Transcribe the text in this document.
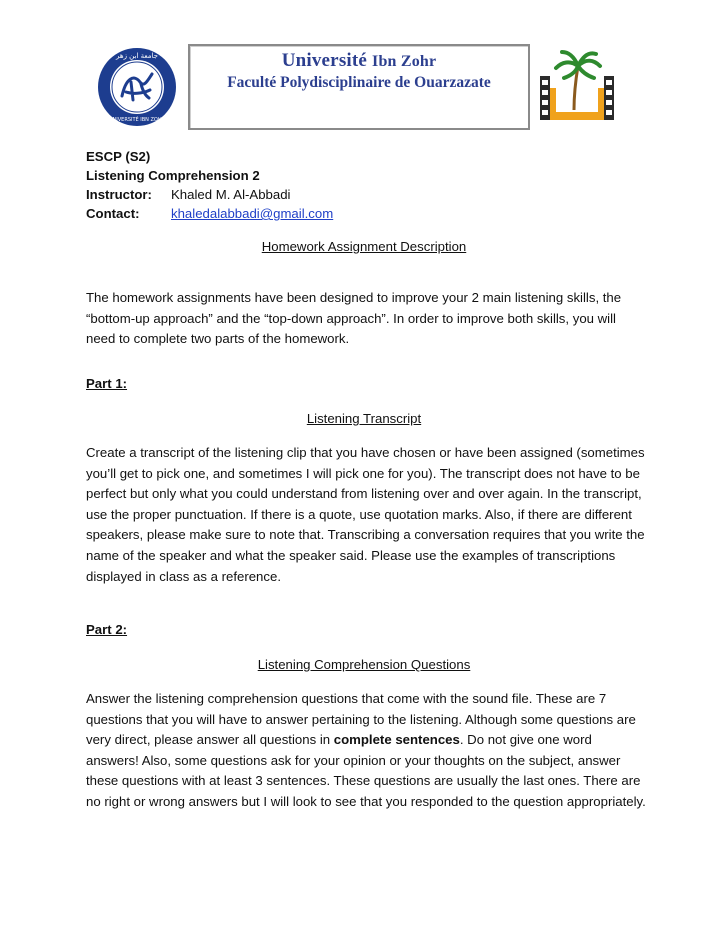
جامعة ابن زهر
UNIVERSITÉ IBN ZOHR
Université Ibn Zohr
Faculté Polydisciplinaire de Ouarzazate
ESCP (S2)
Listening Comprehension 2
Instructor: Khaled M. Al-Abbadi
Contact: khaledalabbadi@gmail.com
Homework Assignment Description
The homework assignments have been designed to improve your 2 main listening skills, the “bottom-up approach” and the “top-down approach”. In order to improve both skills, you will need to complete two parts of the homework.
Part 1:
Listening Transcript
Create a transcript of the listening clip that you have chosen or have been assigned (sometimes you’ll get to pick one, and sometimes I will pick one for you). The transcript does not have to be perfect but only what you could understand from listening over and over again. In the transcript, use the proper punctuation. If there is a quote, use quotation marks. Also, if there are different speakers, please make sure to note that. Transcribing a conversation requires that you write the name of the speaker and what the speaker said. Please use the examples of transcriptions displayed in class as a reference.
Part 2:
Listening Comprehension Questions
Answer the listening comprehension questions that come with the sound file. These are 7 questions that you will have to answer pertaining to the listening. Although some questions are very direct, please answer all questions in complete sentences. Do not give one word answers! Also, some questions ask for your opinion or your thoughts on the subject, answer these questions with at least 3 sentences. These questions are usually the last ones. There are no right or wrong answers but I will look to see that you responded to the question appropriately.
